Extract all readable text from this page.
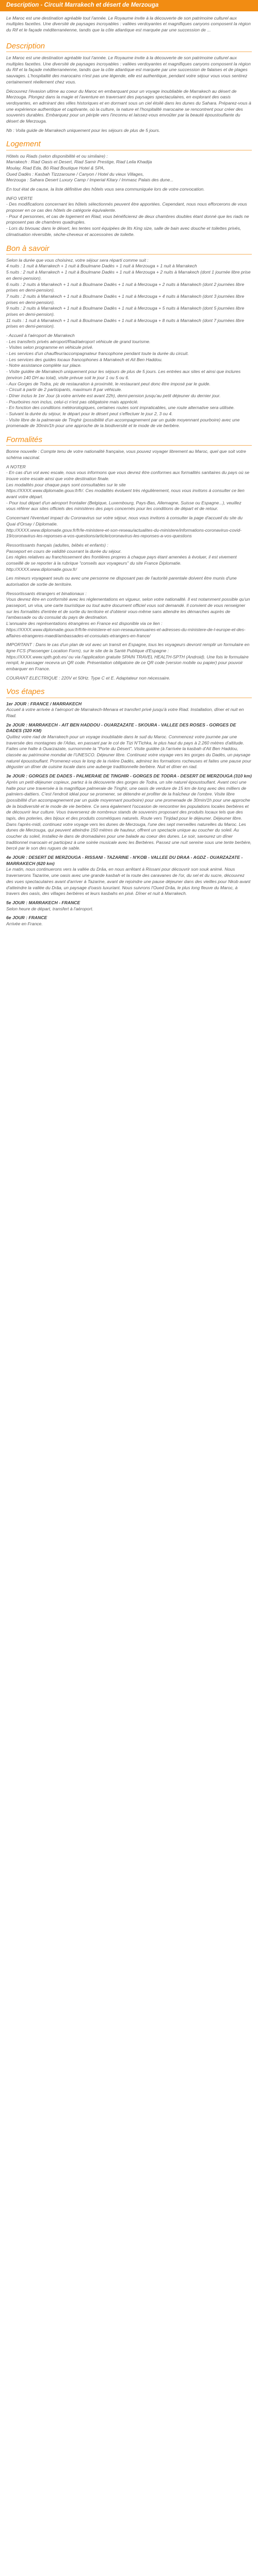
Description - Circuit Marrakech et désert de Merzouga

Le Maroc est une destination agréable tout l'année. Le Royaume invite à la découverte de son patrimoine culturel aux multiples facettes. Une diversité de paysages incroyables : vallées verdoyantes et magnifiques canyons composent la région du Rif et le façade méditerranéenne, tandis que la côte atlantique est marquée par une succession de ...

Description

Le Maroc est une destination agréable tout l'année. Le Royaume invite à la découverte de son patrimoine culturel aux multiples facettes. Une diversité de paysages incroyables : vallées verdoyantes et magnifiques canyons composent la région du Rif et la façade méditerranéenne, tandis que la côte atlantique est marquée par une succession de falaises et de plages sauvages. L'hospitalité des marocains n'est pas une légende, elle est authentique, pendant votre séjour vous vous sentirez certainement réellement chez vous.

Découvrez l'évasion ultime au coeur du Maroc en embarquant pour un voyage inoubliable de Marrakech au désert de Merzouga. Plongez dans la magie et l'aventure en traversant des paysages spectaculaires, en explorant des oasis verdoyantes, en admirant des villes historiques et en dormant sous un ciel étoilé dans les dunes du Sahara. Préparez-vous à une expérience authentique et captivante, où la culture, la nature et l'hospitalité marocaine se rencontrent pour créer des souvenirs durables. Embarquez pour un périple vers l'inconnu et laissez-vous envoûter par la beauté époustouflante du désert de Merzouga.

Nb : Voila guide de Marrakech uniquement pour les séjours de plus de 5 jours.

Logement

Hôtels ou Riads (selon disponibilité et ou similaire) :
Marrakech : Riad Oasis et Desert, Riad Samir Prestige, Riad Leila Khadija
Moulay, Riad Eda, Bō Riad Boutique Hotel & SPA,
Oued Dadès : Kasbah Tizzzaroune / Canyon / Hotel du vieux Villages,
Merzouga : Sahara Desert Luxury Camp / Imperial Kitary / Immasc Palais des dune...

En tout état de cause, la liste définitive des hôtels vous sera communiquée lors de votre convocation.

INFO VERTE
- Des modifications concernant les hôtels sélectionnés peuvent être apportées. Cependant, nous nous efforcerons de vous proposer en ce cas des hôtels de catégorie équivalente.
- Pour 4 personnes, et cas de logement en Riad, vous bénéficierez de deux chambres doubles étant donné que les riads ne proposent pas de chambres quadruples.
- Lors du bivouac dans le désert, les tentes sont équipées de lits King size, salle de bain avec douche et toilettes privés, climatisation réversible, sèche-cheveux et accessoires de toilette.

Bon à savoir

Selon la durée que vous choisirez, votre séjour sera réparti comme suit :
4 nuits : 1 nuit à Marrakech + 1 nuit à Boulmane Dadès + 1 nuit à Merzouga + 1 nuit à Marrakech
5 nuits : 2 nuit à Marrakech + 1 nuit à Boulmane Dadès + 1 nuit à Merzouga + 2 nuits à Marrakech (dont 1 journée libre prise en demi-pension).
6 nuits : 2 nuits à Marrakech + 1 nuit à Boulmane Dadès + 1 nuit à Merzouga + 2 nuits à Marrakech (dont 2 journées libre prises en demi-pension).
7 nuits : 2 nuits à Marrakech + 1 nuit à Boulmane Dadès + 1 nuit à Merzouga + 4 nuits à Marrakech (dont 3 journées libre prises en demi-pension).
9 nuits : 2 nuits à Marrakech + 1 nuit à Boulmane Dadès + 1 nuit à Merzouga + 5 nuits à Marrakech (dont 5 journées libre prises en demi-pension).
11 nuits : 1 nuit à Marrakech + 1 nuit à Boulmane Dadès + 1 nuit à Merzouga + 8 nuits à Marrakech (dont 7 journées libre prises en demi-pension).

- Accueil à l'aéroport de Marrakech
- Les transferts privés aéroport/Riad/aéroport véhicule de grand tourisme.
- Visites selon programme en véhicule privé.
- Les services d'un chauffeur/accompagnateur francophone pendant toute la durée du circuit.
- Les services des guides locaux francophones à Marrakech et Ait Ben Haddou.
- Notre assistance complète sur place.
- Visite guidée de Marrakech uniquement pour les séjours de plus de 5 jours. Les entrées aux sites et ainsi que inclures (environ 140 DH au total), visite prévue soit le jour 1 ou 5 ou 6.
- Aux Gorges de Todra, pic de restauration à proximité, le restaurant peut donc être imposé par le guide.
- Circuit à partir de 2 participants, maximum 8 par véhicule.
- Dîner inclus le 1er Jour (à votre arrivée est avant 22h), demi-pension jusqu'au petit déjeuner du dernier jour.
- Pourboires non inclus, celui-ci n'est pas obligatoire mais apprécié.
- En fonction des conditions météorologiques, certaines routes sont impraticables, une route alternative sera utilisée.
- Suivant la durée du séjour, le départ pour le désert peut s'effectuer le jour 2, 3 ou 4.
- Visite libre de la palmeraie de Tinghir (possibilité d'un accompagnement par un guide moyennant pourboire) avec une promenade de 30min/1h pour une approche de la biodiversité et le mode de vie berbère.

Formalités

Bonne nouvelle : Compte tenu de votre nationalité française, vous pouvez voyager librement au Maroc, quel que soit votre schéma vaccinal.

A NOTER
- En cas d'un vol avec escale, nous vous informons que vous devrez être conformes aux formalités sanitaires du pays où se trouve votre escale ainsi que votre destination finale.
Les modalités pour chaque pays sont consultables sur le site
https://XXXX.www.diplomatie.gouv.fr/fr/. Ces modalités évoluent très régulièrement, nous vous invitons à consulter ce lien avant votre départ.
- Pour tout départ d'un aéroport frontalier (Belgique, Luxembourg, Pays-Bas, Allemagne, Suisse ou Espagne...), veuillez vous référer aux sites officiels des ministères des pays concernés pour les conditions de départ et de retour.

Concernant l'éventuel impact du Coronavirus sur votre séjour, nous vous invitons à consulter la page d'accueil du site du Quai d'Orsay / Diplomatie.
http://XXXX.www.diplomatie.gouv.fr/fr/le-ministere-et-son-reseau/actualites-du-ministere/informations-coronavirus-covid-19/coronavirus-les-reponses-a-vos-questions/article/coronavirus-les-reponses-a-vos-questions

Ressortissants français (adultes, bébés et enfants) :
Passeport en cours de validité couvrant la durée du séjour.
Les règles relatives au franchissement des frontières propres à chaque pays étant amenées à évoluer, il est vivement conseillé de se reporter à la rubrique "conseils aux voyageurs" du site France Diplomatie.
http://XXXX.www.diplomatie.gouv.fr/

Les mineurs voyageant seuls ou avec une personne ne disposant pas de l'autorité parentale doivent être munis d'une autorisation de sortie de territoire.

Ressortissants étrangers et binationaux :
Vous devrez être en conformité avec les réglementations en vigueur, selon votre nationalité. Il est notamment possible qu'un passeport, un visa, une carte touristique ou tout autre document officiel vous soit demandé. Il convient de vous renseigner sur les formalités d'entrée et de sortie du territoire et d'obtenir vous-même sans attendre les démarches auprès de l'ambassade ou du consulat du pays de destination.
L'annuaire des représentations étrangères en France est disponible via ce lien :
https://XXXX.www.diplomatie.gouv.fr/fr/le-ministere-et-son-reseau/annuaires-et-adresses-du-ministere-de-l-europe-et-des-affaires-etrangeres-maedi/ambassades-et-consulats-etrangers-en-france/

IMPORTANT : Dans le cas d'un plan de vol avec un transit en Espagne, tous les voyageurs devront remplir un formulaire en ligne FCS (Passenger Location Form), sur le site de la Santé Publique d'Espagne :
https://XXXX.www.spth.gob.es/ ou via l'application gratuite SPAIN TRAVEL HEALTH-SPTH (Android). Une fois le formulaire rempli, le passager recevra un QR code. Présentation obligatoire de ce QR code (version mobile ou papier) pour pouvoir embarquer en France.

COURANT ELECTRIQUE : 220V et 50Hz. Type C et E. Adaptateur non nécessaire.

Vos étapes

1er JOUR : FRANCE / MARRAKECH

Accueil à votre arrivée à l'aéroport de Marrakech-Menara et transfert privé jusqu'à votre Riad. Installation, dîner et nuit en Riad.

2e JOUR : MARRAKECH - AIT BEN HADDOU - OUARZAZATE - SKOURA - VALLEE DES ROSES - GORGES DE DADES (320 KM)

Quittez votre riad de Marrakech pour un voyage inoubliable dans le sud du Maroc. Commencez votre journée par une traversée des montagnes de l'Atlas, en passant par le col de Tizi N'Tichka, le plus haut du pays à 2.260 mètres d'altitude. Faites une halte à Ouarzazate, surnommée la "Porte du Désert". Visite guidée (à l'arrivée la kasbah d'Ait Ben Haddou, classée au patrimoine mondial de l'UNESCO. Déjeuner libre. Continuez votre voyage vers les gorges du Dadès, un paysage naturel époustouflant. Promenez-vous le long de la rivière Dadès, admirez les formations rocheuses et faites une pause pour déguster un dîner de cuisine locale dans une auberge traditionnelle berbère. Nuit et dîner en riad.

3e JOUR : GORGES DE DADES - PALMERAIE DE TINGHIR - GORGES DE TODRA - DESERT DE MERZOUGA (310 km)

Après un petit-déjeuner copieux, partez à la découverte des gorges de Todra, un site naturel époustouflant. Avant ceci une halte pour une traversée à la magnifique palmeraie de Tinghir, une oasis de verdure de 15 km de long avec des milliers de palmiers-dattiers. C'est l'endroit idéal pour se promener, se détendre et profiter de la fraîcheur de l'ombre. Visite libre (possibilité d'un accompagnement par un guide moyennant pourboire) pour une promenade de 30min/1h pour une approche de la biodiversité et le mode de vie berbère. Ce sera également l'occasion de rencontrer les populations locales berbères et de découvrir leur culture. Vous traverserez de nombreux stands de souvenirs proposant des produits locaux tels que des tapis, des poteries, des bijoux et des produits cosmétiques naturels. Route vers Tinjdad pour le déjeuner. Déjeuner libre. Dans l'après-midi, continuez votre voyage vers les dunes de Merzouga, l'une des sept merveilles naturelles du Maroc. Les dunes de Merzouga, qui peuvent atteindre 150 mètres de hauteur, offrent un spectacle unique au coucher du soleil. Au coucher du soleil, installez-le dans de dromadaires pour une balade au coeur des dunes. Le soir, savourez un dîner traditionnel marocain et participez à une soirée musicale avec les Berbères. Passez une nuit sereine sous une tente berbère, bercé par le son des rugues de sable.

4e JOUR : DESERT DE MERZOUGA - RISSANI - TAZARINE - N'KOB - VALLEE DU DRAA - AGDZ - OUARZAZATE - MARRAKECH (620 km)

Le matin, nous continuerons vers la vallée du Drâa, en nous arrêtant à Rissani pour découvrir son souk animé. Nous traverserons Tazarine, une oasis avec une grande kasbah et la route des caravanes de l'or, du sel et du sucre, découvrez des vues spectaculaires avant d'arriver à Tazarine, avant de rejoindre une pause déjeuner dans des vieilles pour Nkob avant d'atteindre la vallée du Drâa, un paysage d'oasis luxuriant. Nous suivrons l'Oued Drâa, le plus long fleuve du Maroc, à travers des oasis, des villages berbères et leurs kasbahs en pisé. Dîner et nuit à Marrakech.

5e JOUR : MARRAKECH - FRANCE

Selon heure de départ, transfert à l'aéroport.

6e JOUR : FRANCE

Arrivée en France.
